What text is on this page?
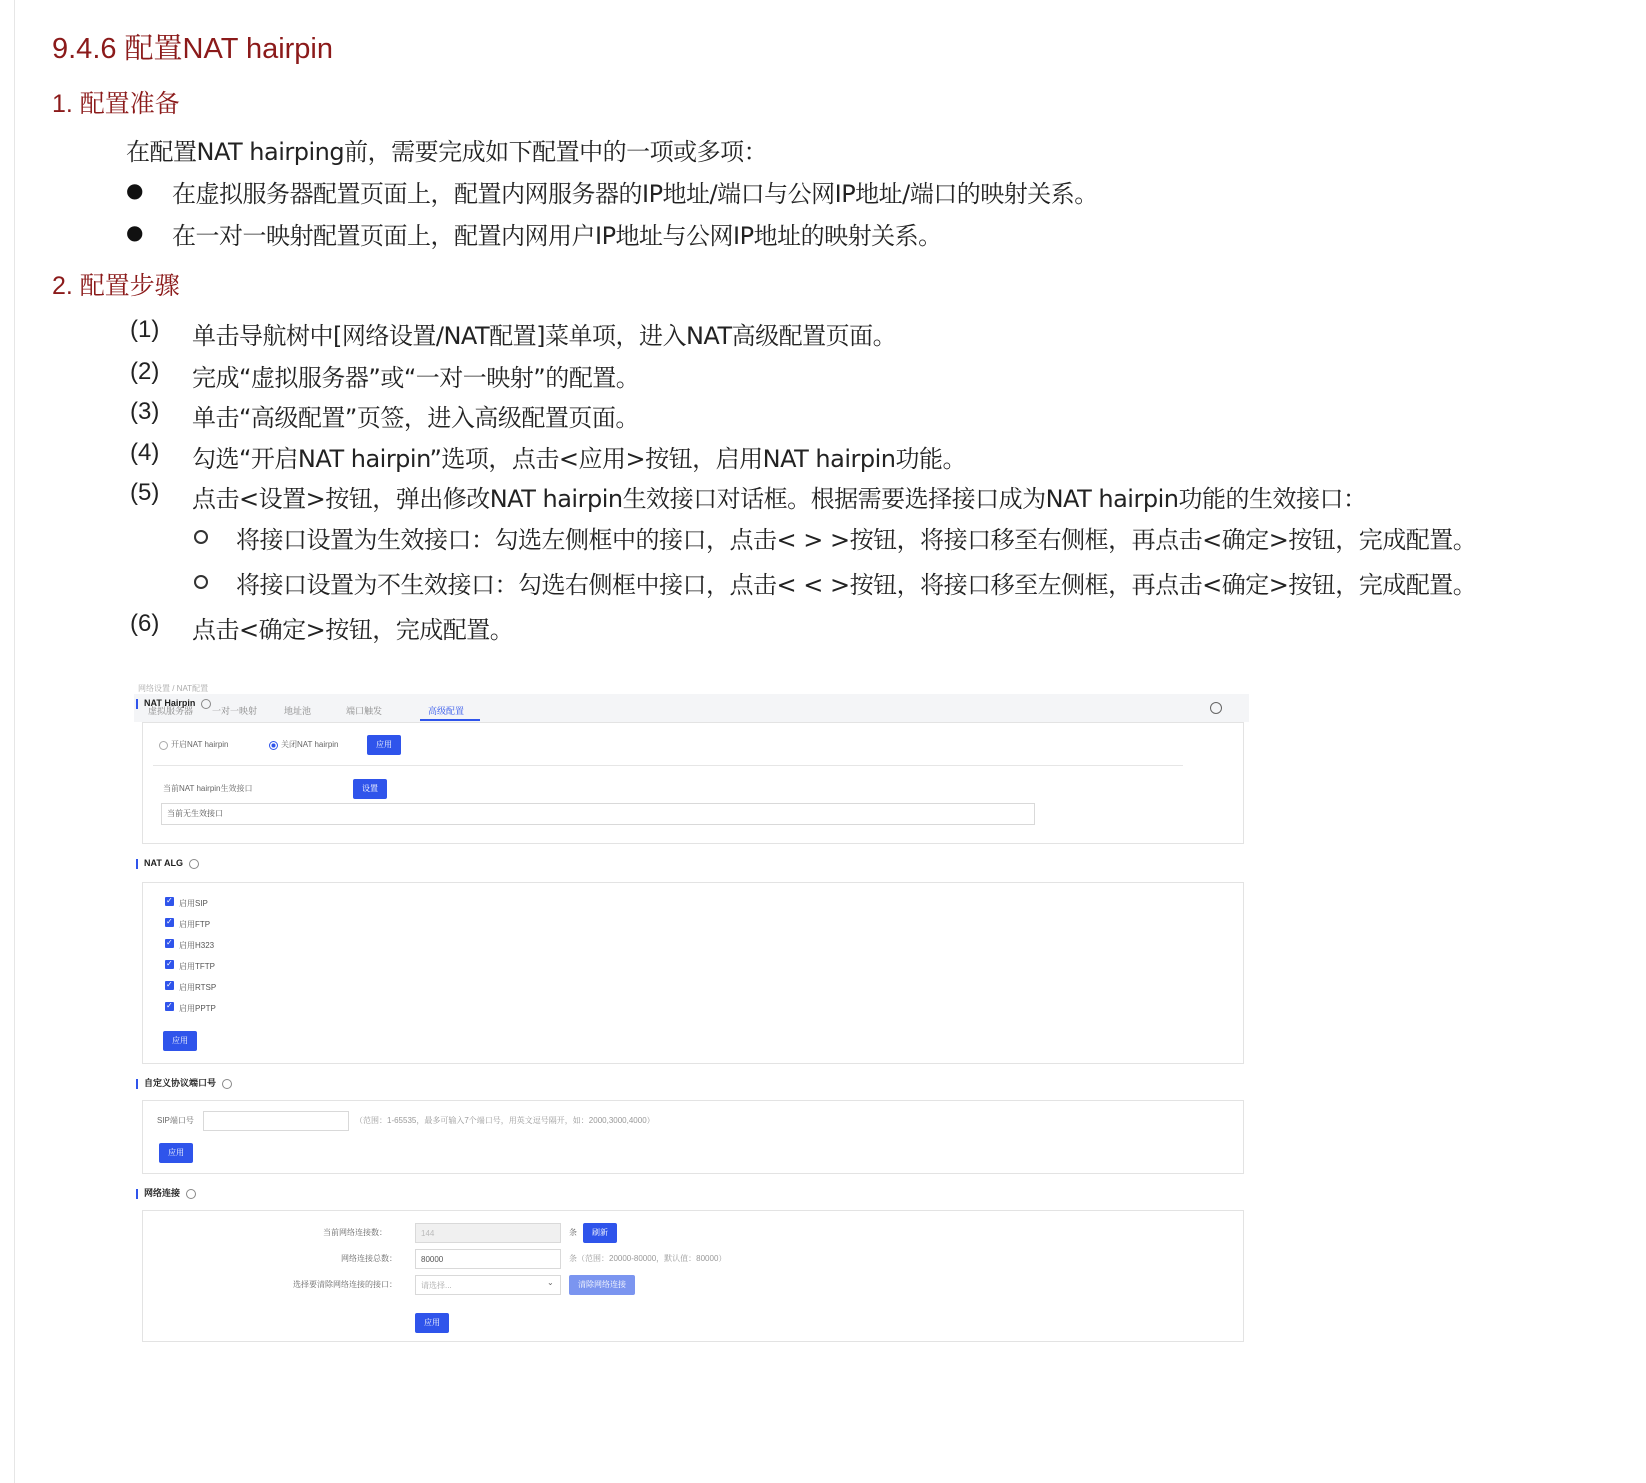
9.4.6 配置NAT hairpin
1. 配置准备
在配置NAT hairping前，需要完成如下配置中的一项或多项：
● 在虚拟服务器配置页面上，配置内网服务器的IP地址/端口与公网IP地址/端口的映射关系。
● 在一对一映射配置页面上，配置内网用户IP地址与公网IP地址的映射关系。
2. 配置步骤
(1) 单击导航树中[网络设置/NAT配置]菜单项，进入NAT高级配置页面。
(2) 完成“虚拟服务器”或“一对一映射”的配置。
(3) 单击“高级配置”页签，进入高级配置页面。
(4) 勾选“开启NAT hairpin”选项，点击<应用>按钮，启用NAT hairpin功能。
(5) 点击<设置>按钮，弹出修改NAT hairpin生效接口对话框。根据需要选择接口成为NAT hairpin功能的生效接口：
将接口设置为生效接口：勾选左侧框中的接口，点击< > >按钮，将接口移至右侧框，再点击<确定>按钮，完成配置。
将接口设置为不生效接口：勾选右侧框中接口，点击< < >按钮，将接口移至左侧框，再点击<确定>按钮，完成配置。
(6) 点击<确定>按钮，完成配置。
网络设置 / NAT配置
虚拟服务器 一对一映射	地址池	端口触发	高级配置
NAT Hairpin
开启NAT hairpin	关闭NAT hairpin	应用
当前NAT hairpin生效接口	设置
当前无生效接口
NAT ALG
✓
启用SIP
✓
启用FTP
✓
启用H323
✓
启用TFTP
✓
启用RTSP
✓
启用PPTP
应用
自定义协议端口号
SIP端口号	（范围：1-65535，最多可输入7个端口号，用英文逗号隔开，如：2000,3000,4000）
应用
网络连接
当前网络连接数：	144	条	刷新
网络连接总数：	80000	条（范围：20000-80000，默认值：80000）
选择要清除网络连接的接口：	请选择...	⌄	清除网络连接
应用
